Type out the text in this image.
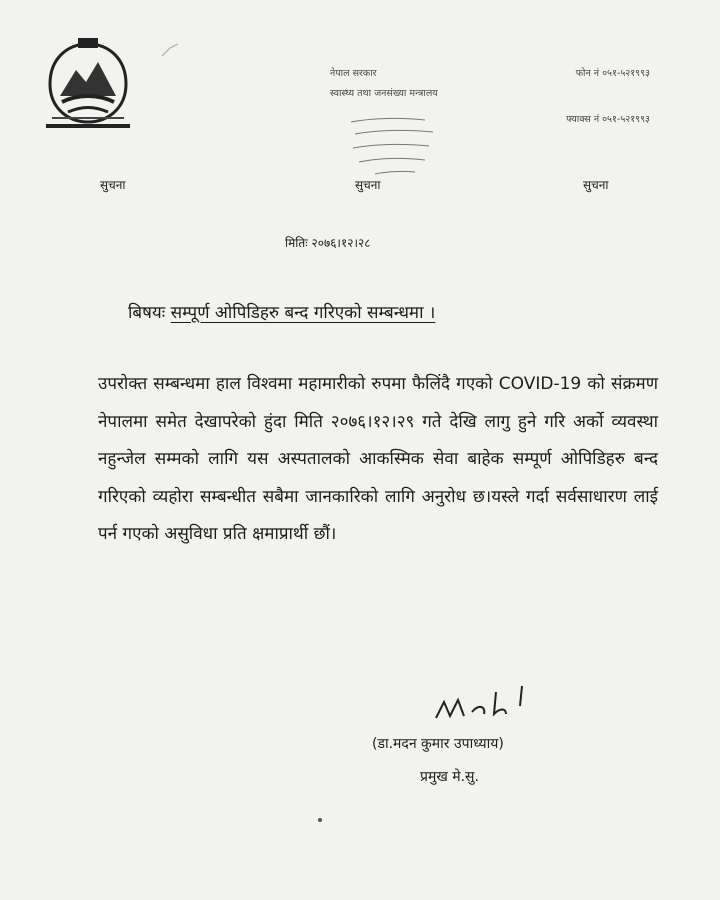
नेपाल सरकार	फोन नं ०५१-५२१९९३
स्वास्थ्य तथा जनसंख्या मन्त्रालय
फ्याक्स नं ०५१-५२१९९३
सुचना	सुचना	सुचना
मितिः २०७६।१२।२८
बिषयः सम्पूर्ण ओपिडिहरु बन्द गरिएको सम्बन्धमा ।
उपरोक्त सम्बन्धमा हाल विश्वमा महामारीको रुपमा फैलिंदै गएको COVID-19 को संक्रमण नेपालमा समेत देखापरेको हुंदा मिति २०७६।१२।२९ गते देखि लागु हुने गरि अर्को व्यवस्था नहुन्जेल सम्मको लागि यस अस्पतालको आकस्मिक सेवा बाहेक सम्पूर्ण ओपिडिहरु बन्द गरिएको व्यहोरा सम्बन्धीत सबैमा जानकारिको लागि अनुरोध छ।यस्ले गर्दा सर्वसाधारण लाई पर्न गएको असुविधा प्रति क्षमाप्रार्थी छौं।
(डा.मदन कुमार उपाध्याय)
प्रमुख मे.सु.
